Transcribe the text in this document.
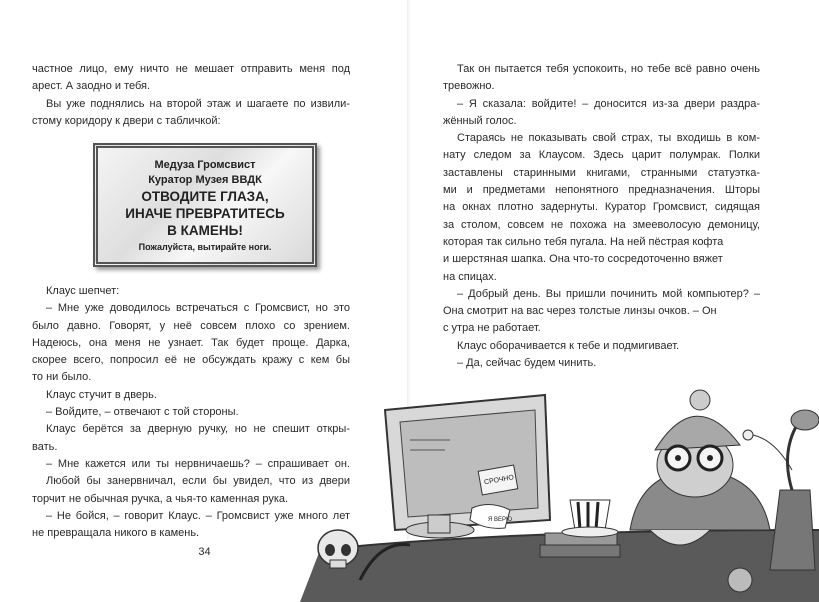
частное лицо, ему ничто не мешает отправить меня под
арест. А заодно и тебя.
Вы уже поднялись на второй этаж и шагаете по извили-
стому коридору к двери с табличкой:
Медуза Громсвист
Куратор Музея ВВДК
ОТВОДИТЕ ГЛАЗА,
ИНАЧЕ ПРЕВРАТИТЕСЬ
В КАМЕНЬ!
Пожалуйста, вытирайте ноги.
Клаус шепчет:
– Мне уже доводилось встречаться с Громсвист, но это
было давно. Говорят, у неё совсем плохо со зрением.
Надеюсь, она меня не узнает. Так будет проще. Дарка,
скорее всего, попросил её не обсуждать кражу с кем бы
то ни было.
Клаус стучит в дверь.
– Войдите, – отвечают с той стороны.
Клаус берётся за дверную ручку, но не спешит откры-
вать.
– Мне кажется или ты нервничаешь? – спрашивает он.
Любой бы занервничал, если бы увидел, что из двери
торчит не обычная ручка, а чья-то каменная рука.
– Не бойся, – говорит Клаус. – Громсвист уже много лет
не превращала никого в камень.
34
Так он пытается тебя успокоить, но тебе всё равно очень
тревожно.
– Я сказала: войдите! – доносится из-за двери раздра-
жённый голос.
Стараясь не показывать свой страх, ты входишь в ком-
нату следом за Клаусом. Здесь царит полумрак. Полки
заставлены старинными книгами, странными статуэтка-
ми и предметами непонятного предназначения. Шторы
на окнах плотно задернуты. Куратор Громсвист, сидящая
за столом, совсем не похожа на змееволосую демоницу,
которая так сильно тебя пугала. На ней пёстрая кофта
и шерстяная шапка. Она что-то сосредоточенно вяжет
на спицах.
– Добрый день. Вы пришли починить мой компьютер? –
Она смотрит на вас через толстые линзы очков. – Он
с утра не работает.
Клаус оборачивается к тебе и подмигивает.
– Да, сейчас будем чинить.
СРОЧНО
Я ВЕРЮ
